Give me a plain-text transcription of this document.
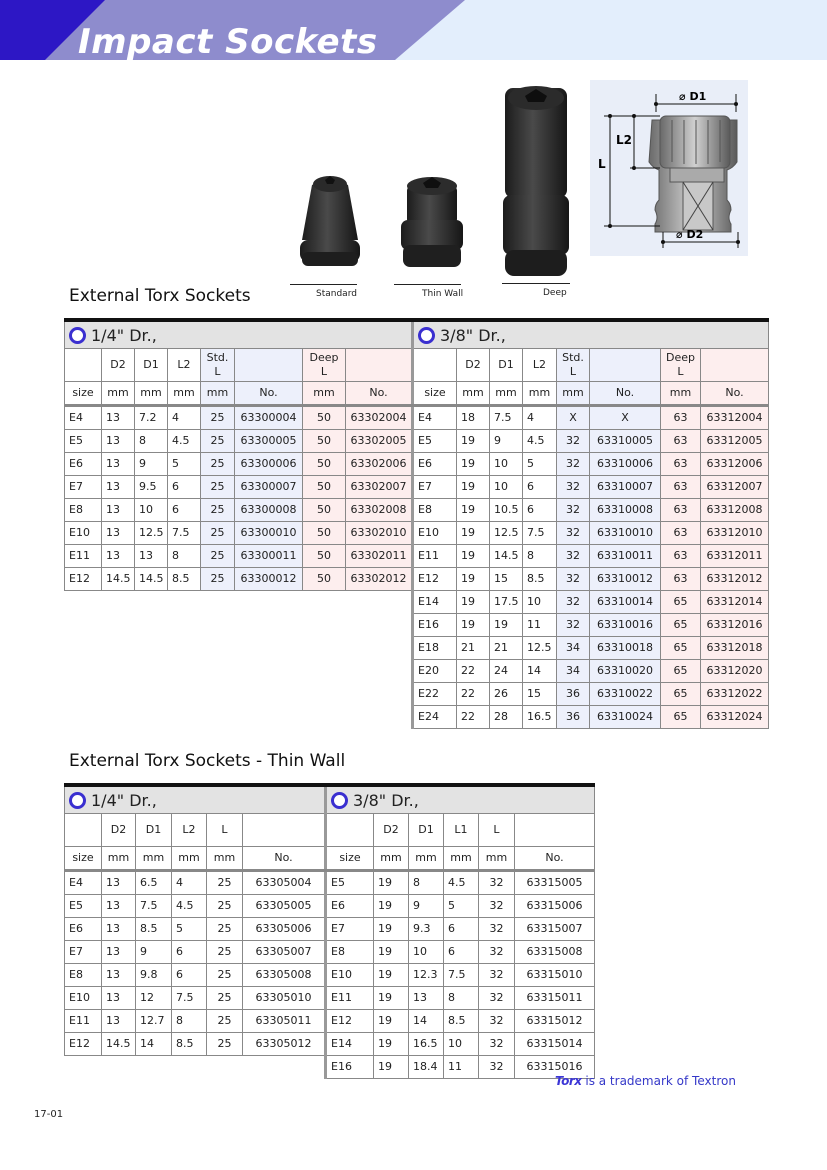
Impact Sockets
Standard	Thin Wall	Deep
⌀ D1
⌀ D2
L
L2
External Torx Sockets
1/4" Dr.,							
	D2	D1	L2	Std.
L		Deep
L	
size	mm	mm	mm	mm	No.	mm	No.
E4	13	7.2	4	25	63300004	50	63302004
E5	13	8	4.5	25	63300005	50	63302005
E6	13	9	5	25	63300006	50	63302006
E7	13	9.5	6	25	63300007	50	63302007
E8	13	10	6	25	63300008	50	63302008
E10	13	12.5	7.5	25	63300010	50	63302010
E11	13	13	8	25	63300011	50	63302011
E12	14.5	14.5	8.5	25	63300012	50	63302012
3/8" Dr.,							
	D2	D1	L2	Std.
L		Deep
L	
size	mm	mm	mm	mm	No.	mm	No.
E4	18	7.5	4	X	X	63	63312004
E5	19	9	4.5	32	63310005	63	63312005
E6	19	10	5	32	63310006	63	63312006
E7	19	10	6	32	63310007	63	63312007
E8	19	10.5	6	32	63310008	63	63312008
E10	19	12.5	7.5	32	63310010	63	63312010
E11	19	14.5	8	32	63310011	63	63312011
E12	19	15	8.5	32	63310012	63	63312012
E14	19	17.5	10	32	63310014	65	63312014
E16	19	19	11	32	63310016	65	63312016
E18	21	21	12.5	34	63310018	65	63312018
E20	22	24	14	34	63310020	65	63312020
E22	22	26	15	36	63310022	65	63312022
E24	22	28	16.5	36	63310024	65	63312024
External Torx Sockets - Thin Wall
1/4" Dr.,					
	D2	D1	L2	L	
size	mm	mm	mm	mm	No.
E4	13	6.5	4	25	63305004
E5	13	7.5	4.5	25	63305005
E6	13	8.5	5	25	63305006
E7	13	9	6	25	63305007
E8	13	9.8	6	25	63305008
E10	13	12	7.5	25	63305010
E11	13	12.7	8	25	63305011
E12	14.5	14	8.5	25	63305012
3/8" Dr.,					
	D2	D1	L1	L	
size	mm	mm	mm	mm	No.
E5	19	8	4.5	32	63315005
E6	19	9	5	32	63315006
E7	19	9.3	6	32	63315007
E8	19	10	6	32	63315008
E10	19	12.3	7.5	32	63315010
E11	19	13	8	32	63315011
E12	19	14	8.5	32	63315012
E14	19	16.5	10	32	63315014
E16	19	18.4	11	32	63315016
Torx is a trademark of Textron
17-01
